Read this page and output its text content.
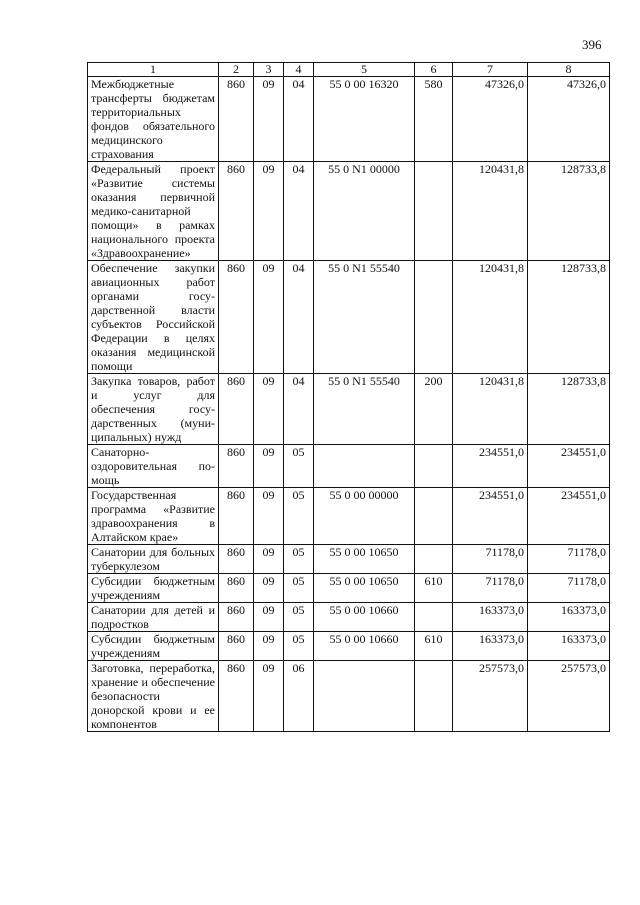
396
1	2	3	4	5	6	7	8
Межбюджетные трансферты бюджетам территориальных фондов обязательного медицинского страхования	860	09	04	55 0 00 16320	580	47326,0	47326,0
Федеральный проект «Развитие системы оказания первичной медико-санитарной помощи» в рамках национального проекта «Здравоохранение»	860	09	04	55 0 N1 00000		120431,8	128733,8
Обеспечение закупки авиационных работ органами государственной власти субъектов Российской Федерации в целях оказания медицинской помощи	860	09	04	55 0 N1 55540		120431,8	128733,8
Закупка товаров, работ и услуг для обеспечения государственных (муниципальных) нужд	860	09	04	55 0 N1 55540	200	120431,8	128733,8
Санаторно-оздоровительная помощь	860	09	05			234551,0	234551,0
Государственная программа «Развитие здравоохранения в Алтайском крае»	860	09	05	55 0 00 00000		234551,0	234551,0
Санатории для больных туберкулезом	860	09	05	55 0 00 10650		71178,0	71178,0
Субсидии бюджетным учреждениям	860	09	05	55 0 00 10650	610	71178,0	71178,0
Санатории для детей и подростков	860	09	05	55 0 00 10660		163373,0	163373,0
Субсидии бюджетным учреждениям	860	09	05	55 0 00 10660	610	163373,0	163373,0
Заготовка, переработка, хранение и обеспечение безопасности донорской крови и ее компонентов	860	09	06			257573,0	257573,0
